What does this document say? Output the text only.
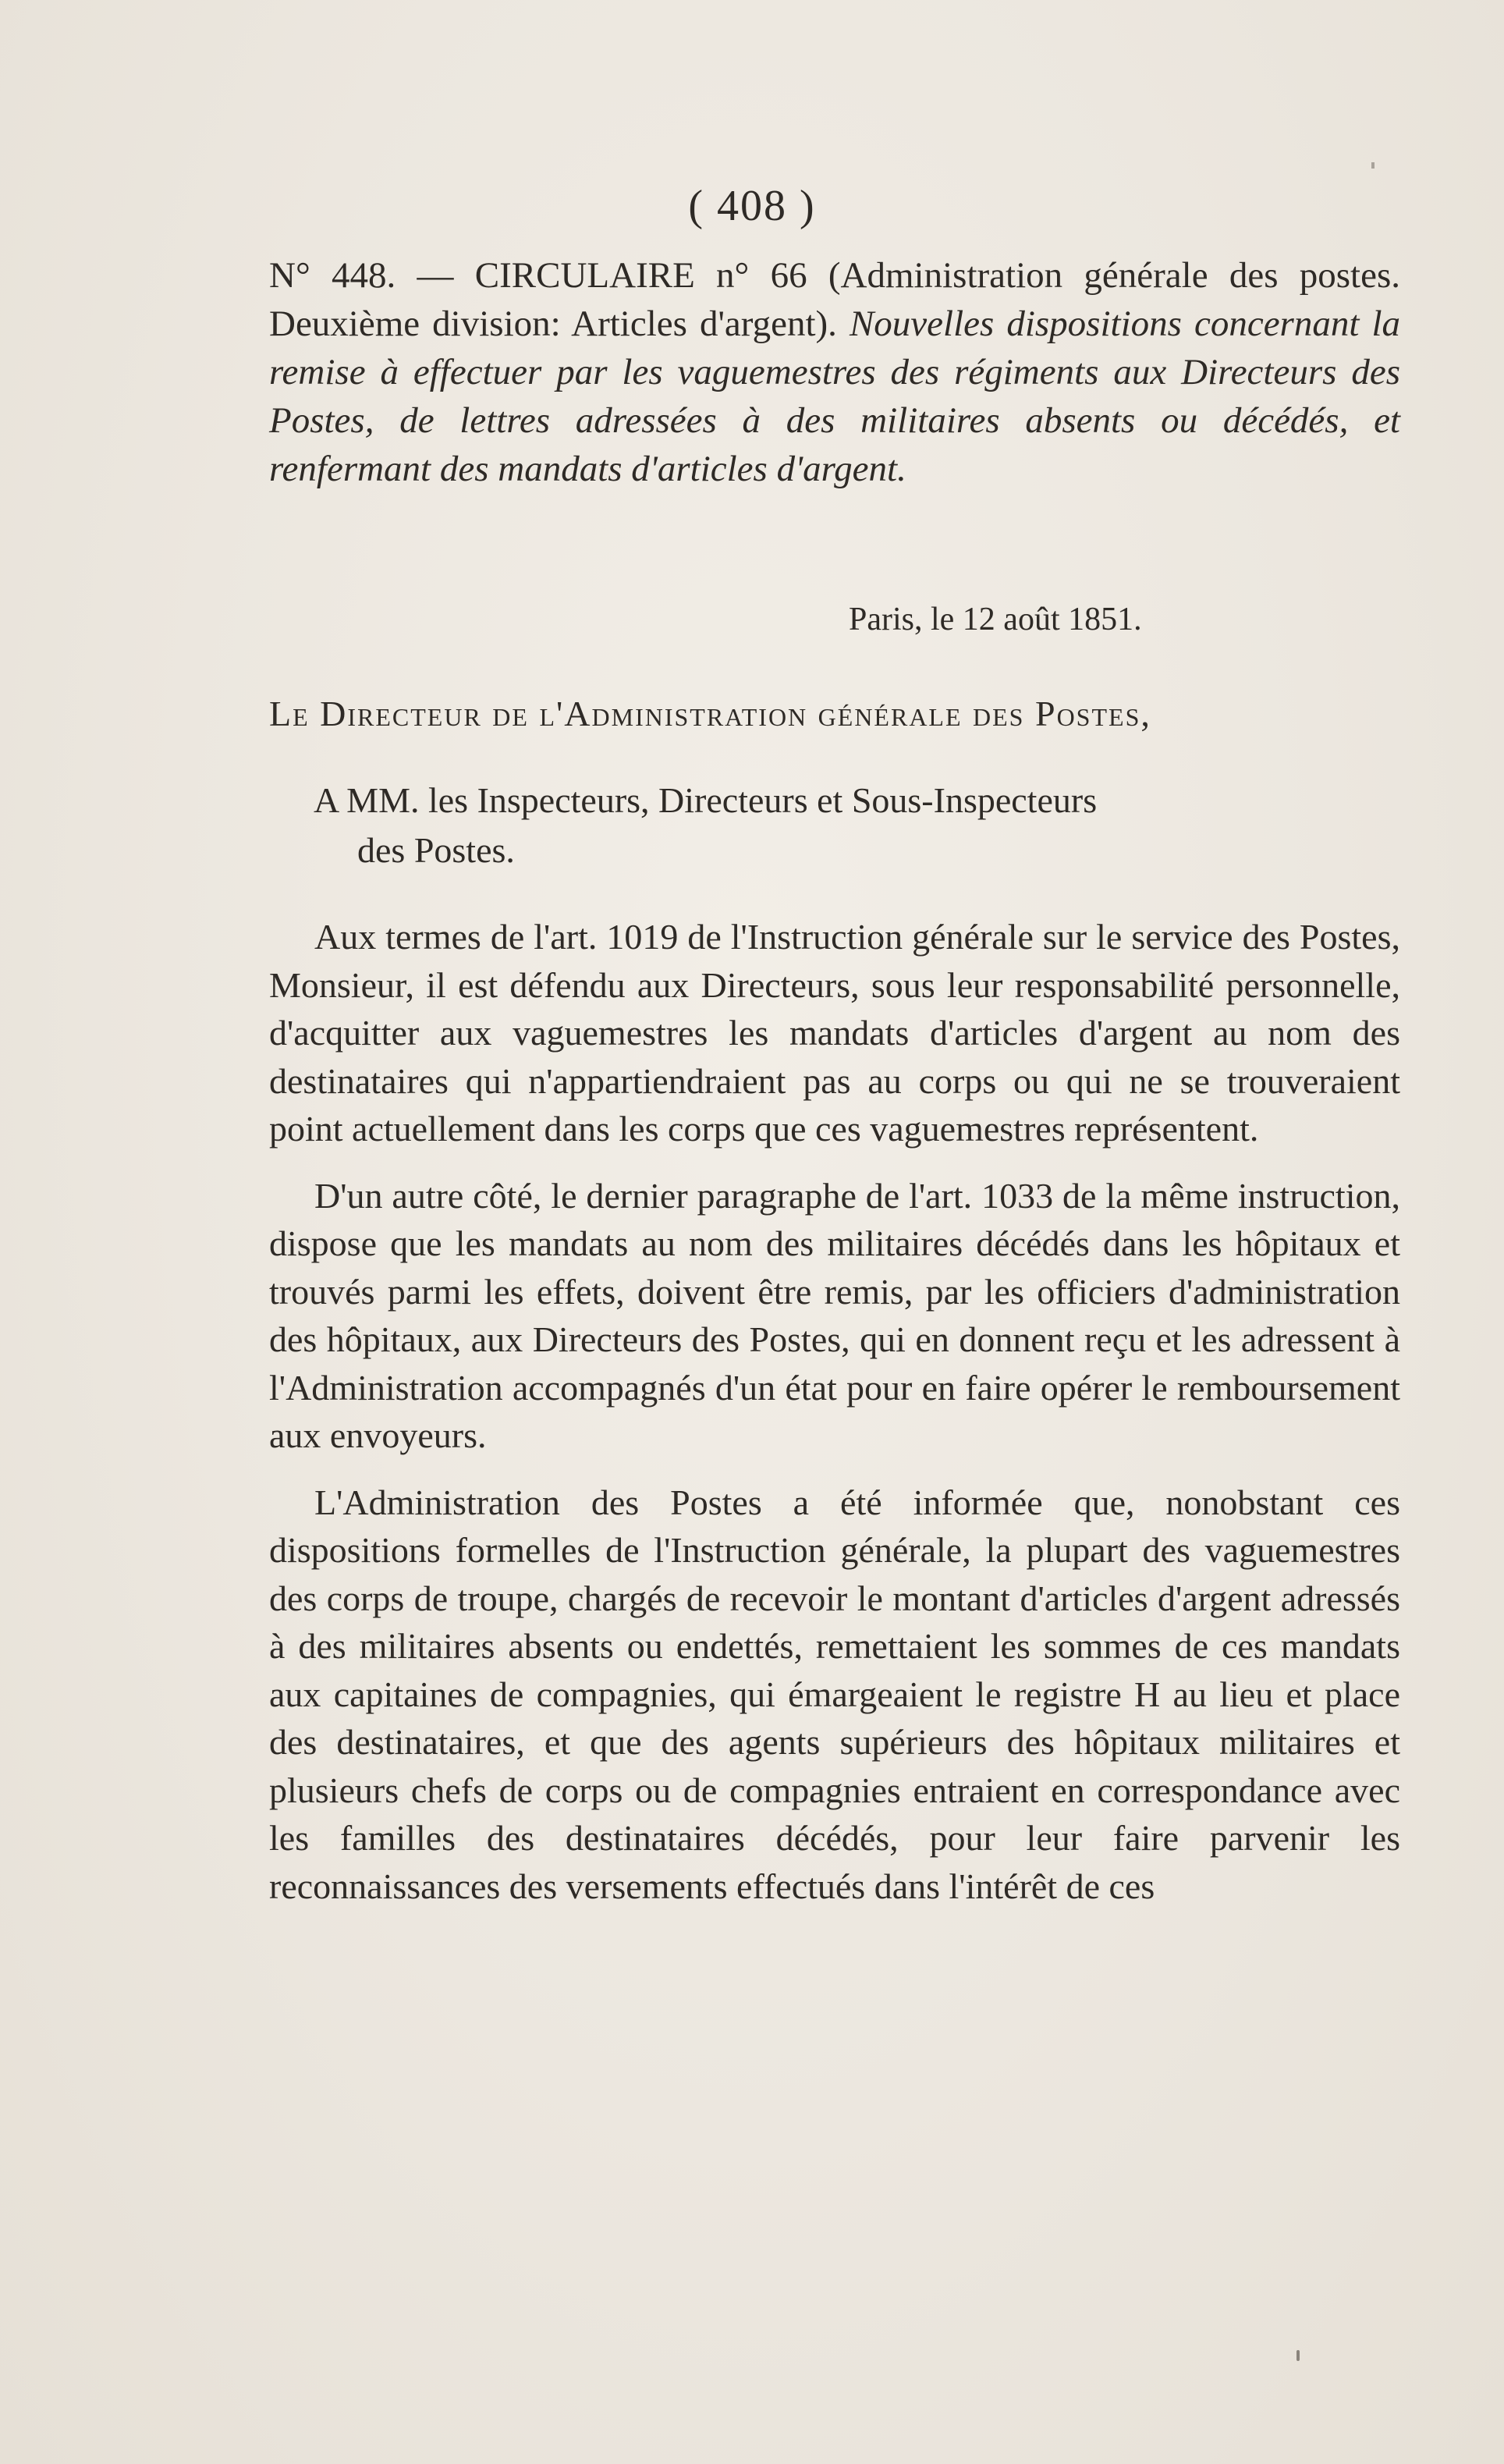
( 408 )
N° 448. — CIRCULAIRE n° 66 (Administration générale des postes. Deuxième division: Articles d'argent). Nouvelles dispositions concernant la remise à effectuer par les vaguemestres des régiments aux Directeurs des Postes, de lettres adressées à des militaires absents ou décédés, et renfermant des mandats d'articles d'argent.
Paris, le 12 août 1851.
Le Directeur de l'Administration générale des Postes,
A MM. les Inspecteurs, Directeurs et Sous-Inspecteurs
des Postes.

Aux termes de l'art. 1019 de l'Instruction générale sur le service des Postes, Monsieur, il est défendu aux Directeurs, sous leur responsabilité personnelle, d'acquitter aux vaguemestres les mandats d'articles d'argent au nom des destinataires qui n'appartiendraient pas au corps ou qui ne se trouveraient point actuellement dans les corps que ces vaguemestres représentent.

D'un autre côté, le dernier paragraphe de l'art. 1033 de la même instruction, dispose que les mandats au nom des militaires décédés dans les hôpitaux et trouvés parmi les effets, doivent être remis, par les officiers d'administration des hôpitaux, aux Directeurs des Postes, qui en donnent reçu et les adressent à l'Administration accompagnés d'un état pour en faire opérer le remboursement aux envoyeurs.

L'Administration des Postes a été informée que, nonobstant ces dispositions formelles de l'Instruction générale, la plupart des vaguemestres des corps de troupe, chargés de recevoir le montant d'articles d'argent adressés à des militaires absents ou endettés, remettaient les sommes de ces mandats aux capitaines de compagnies, qui émargeaient le registre H au lieu et place des destinataires, et que des agents supérieurs des hôpitaux militaires et plusieurs chefs de corps ou de compagnies entraient en correspondance avec les familles des destinataires décédés, pour leur faire parvenir les reconnaissances des versements effectués dans l'intérêt de ces
